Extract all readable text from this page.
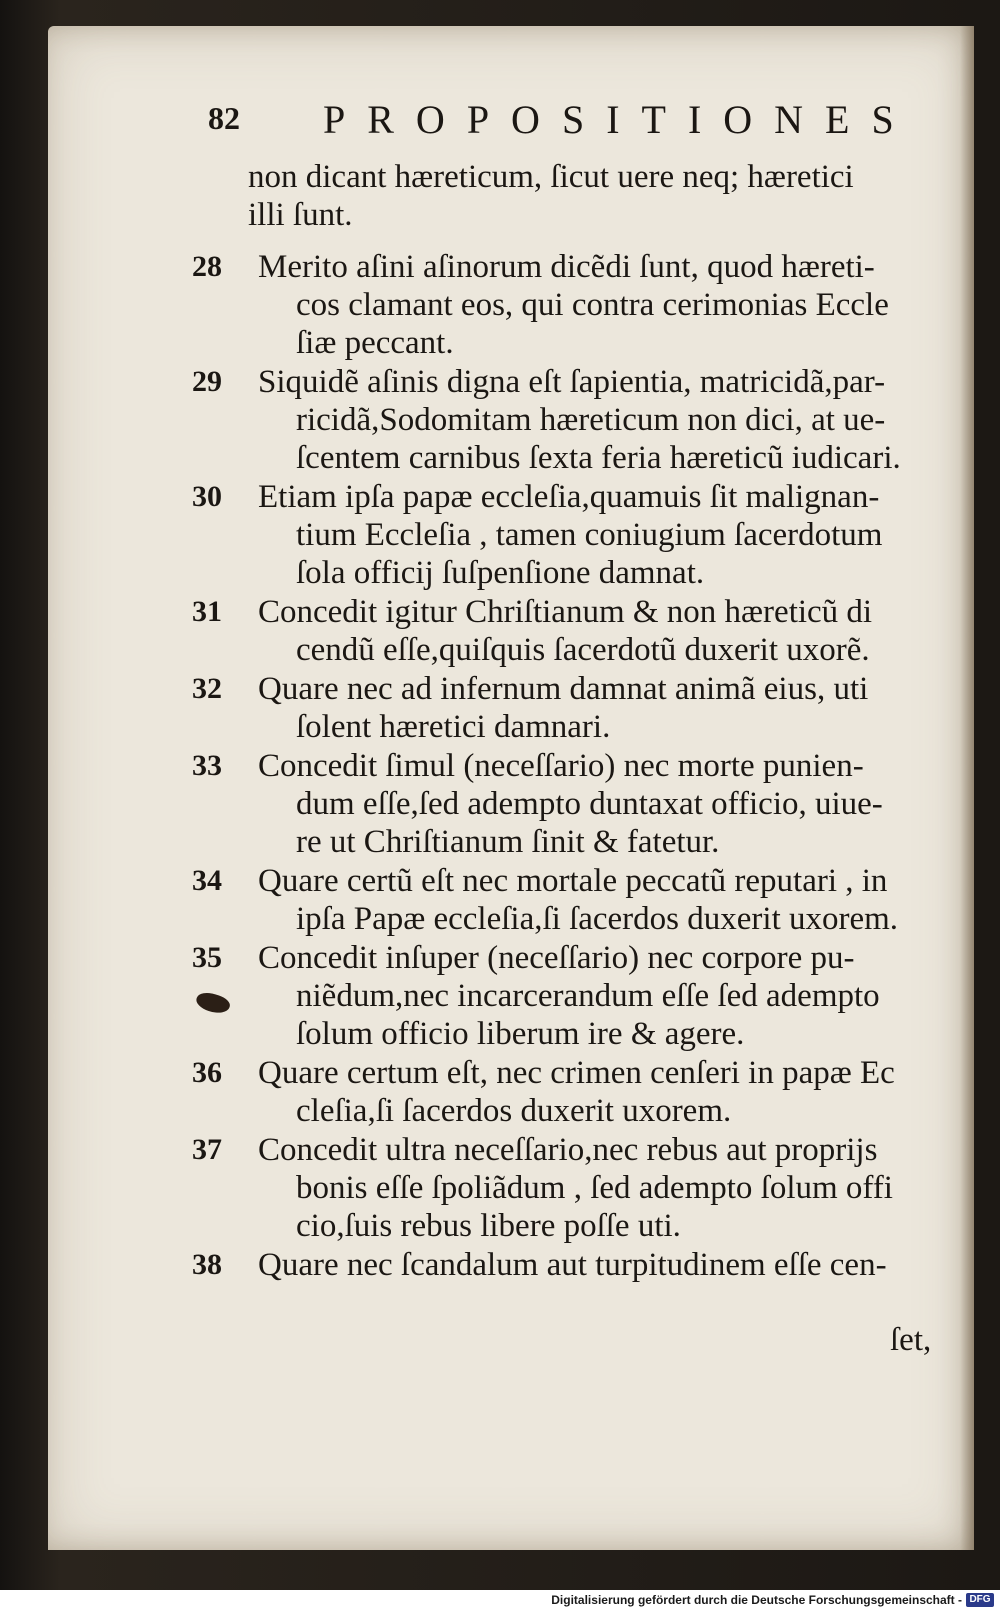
82 PROPOSITIONES
non dicant hæreticum, ſicut uere neq; hæretici
illi ſunt.
28 Merito aſini aſinorum dicẽdi ſunt, quod hæreti-
cos clamant eos, qui contra cerimonias Eccle
ſiæ peccant.
29 Siquidẽ aſinis digna eſt ſapientia, matricidã,par-
ricidã,Sodomitam hæreticum non dici, at ue-
ſcentem carnibus ſexta feria hæreticũ iudicari.
30 Etiam ipſa papæ eccleſia,quamuis ſit malignan-
tium Eccleſia , tamen coniugium ſacerdotum
ſola officij ſuſpenſione damnat.
31 Concedit igitur Chriſtianum & non hæreticũ di
cendũ eſſe,quiſquis ſacerdotũ duxerit uxorẽ.
32 Quare nec ad infernum damnat animã eius, uti
ſolent hæretici damnari.
33 Concedit ſimul (neceſſario) nec morte punien-
dum eſſe,ſed adempto duntaxat officio, uiue-
re ut Chriſtianum ſinit & fatetur.
34 Quare certũ eſt nec mortale peccatũ reputari , in
ipſa Papæ eccleſia,ſi ſacerdos duxerit uxorem.
35 Concedit inſuper (neceſſario) nec corpore pu-
niẽdum,nec incarcerandum eſſe ſed adempto
ſolum officio liberum ire & agere.
36 Quare certum eſt, nec crimen cenſeri in papæ Ec
cleſia,ſi ſacerdos duxerit uxorem.
37 Concedit ultra neceſſario,nec rebus aut proprijs
bonis eſſe ſpoliãdum , ſed adempto ſolum offi
cio,ſuis rebus libere poſſe uti.
38 Quare nec ſcandalum aut turpitudinem eſſe cen-
ſet,
Digitalisierung gefördert durch die Deutsche Forschungsgemeinschaft - DFG
